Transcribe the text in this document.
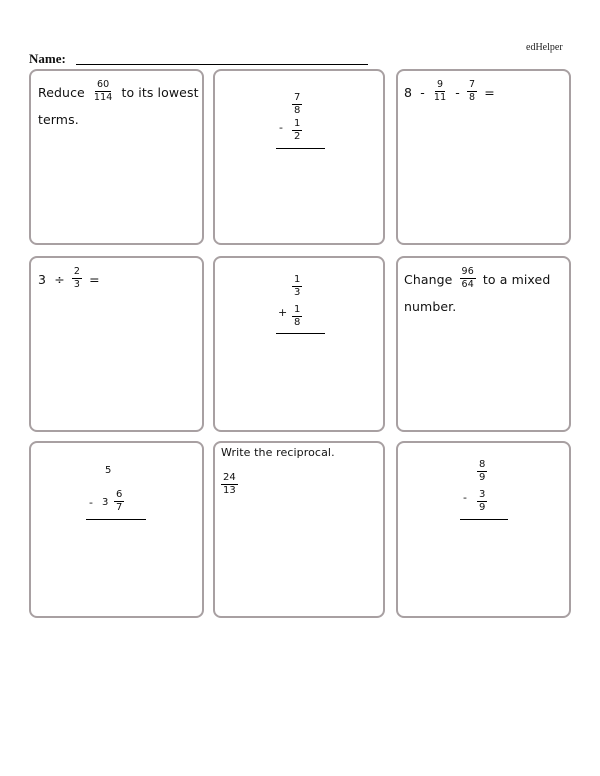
edHelper
Name:
Reduce $\frac{60}{114}$ to its lowest
terms.
$\frac{7}{8}$
- $\frac{1}{2}$
$8 - \frac{9}{11} - \frac{7}{8}$ =
$3 \div \frac{2}{3}$ =	$\frac{1}{3}$
+ $\frac{1}{8}$
Change $\frac{96}{64}$ to a mixed
number.
5
- $3 \frac{6}{7}$
Write the reciprocal.
$\frac{24}{13}$
$\frac{8}{9}$
- $\frac{3}{9}$
